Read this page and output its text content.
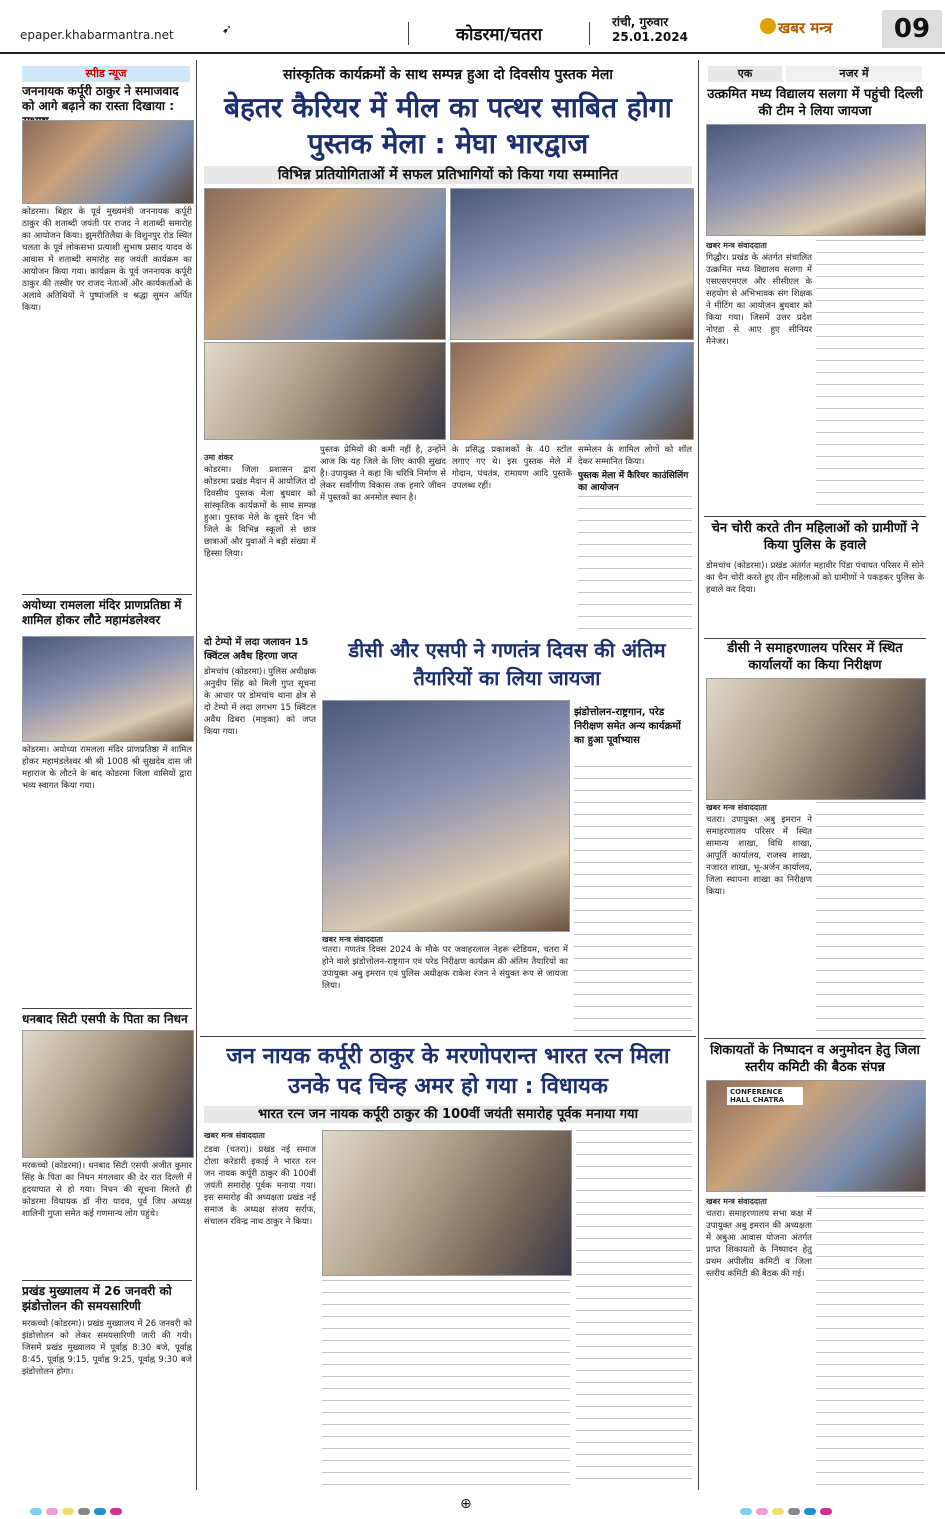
epaper.khabarmantra.net	➹	कोडरमा/चतरा
रांची, गुरुवार
25.01.2024	खबर मन्त्र	09
स्पीड न्यूज
जननायक कर्पूरी ठाकुर ने समाजवाद को आगे बढ़ाने का रास्ता दिखाया :
कोडरमा। बिहार के पूर्व मुख्यमंत्री जननायक कर्पूरी ठाकुर की शताब्दी जयंती पर राजद ने शताब्दी समारोह का आयोजन किया। झुमरीतिलैया के विशुनपुर रोड स्थित चलता के पूर्व लोकसभा प्रत्याशी सुभाष प्रसाद यादव के आवास में शताब्दी समारोह सह जयंती कार्यक्रम का आयोजन किया गया। कार्यक्रम के पूर्व जननायक कर्पूरी ठाकुर की तस्वीर पर राजद नेताओं और कार्यकर्ताओं के अलावे अतिथियों ने पुष्पांजलि व श्रद्धा सुमन अर्पित किया।
अयोध्या रामलला मंदिर प्राणप्रतिष्ठा में शामिल होकर लौटे महामंडलेश्वर
कोडरमा। अयोध्या रामलला मंदिर प्राणप्रतिष्ठा में शामिल होकर महामंडलेश्वर श्री श्री 1008 श्री सुखदेव दास जी महाराज के लौटने के बाद कोडरमा जिला वासियों द्वारा भव्य स्वागत किया गया।
धनबाद सिटी एसपी के पिता का निधन
मरकच्चो (कोडरमा)। धनबाद सिटी एसपी अजीत कुमार सिंह के पिता का निधन मंगलवार की देर रात दिल्ली में हृदयाघात से हो गया। निधन की सूचना मिलते ही कोडरमा विधायक डॉ नीरा यादव, पूर्व जिप अध्यक्ष शालिनी गुप्ता समेत कई गणमान्य लोग पहुंचे।
प्रखंड मुख्यालय में 26 जनवरी को झंडोत्तोलन की समयसारिणी
मरकच्चो (कोडरमा)। प्रखंड मुख्यालय में 26 जनवरी को झंडोत्तोलन को लेकर समयसारिणी जारी की गयी। जिसमें प्रखंड मुख्यालय में पूर्वाह्न 8:30 बजे, पूर्वाह्न 8:45, पूर्वाह्न 9:15, पूर्वाह्न 9:25, पूर्वाह्न 9:30 बजे झंडोत्तोलन होगा।
सांस्कृतिक कार्यक्रमों के साथ सम्पन्न हुआ दो दिवसीय पुस्तक मेला
बेहतर कैरियर में मील का पत्थर साबित होगा पुस्तक मेला : मेघा भारद्वाज
विभिन्न प्रतियोगिताओं में सफल प्रतिभागियों को किया गया सम्मानित
उमा शंकर
कोडरमा। जिला प्रशासन द्वारा कोडरमा प्रखंड मैदान में आयोजित दो दिवसीय पुस्तक मेला बुधवार को सांस्कृतिक कार्यक्रमों के साथ सम्पन्न हुआ। पुस्तक मेले के दूसरे दिन भी जिले के विभिन्न स्कूलों से छात्र छात्राओं और युवाओं ने बड़ी संख्या में हिस्सा लिया।
पुस्तक प्रेमियों की कमी नहीं है, उन्होंने आज कि यह जिले के लिए काफी सुखद है। उपायुक्त ने कहा कि चरित्रि निर्माण से लेकर सर्वांगीण विकास तक हमारे जीवन में पुस्तकों का अनमोल स्थान है।
के प्रसिद्ध प्रकाशकों के 40 स्टॉल लगाए गए थे। इस पुस्तक मेले में गोदान, पंचतंत्र, रामायण आदि पुस्तकें उपलब्ध रहीं।
सम्मेलन के शामिल लोगों को शॉल देकर सम्मानित किया।
पुस्तक मेला में कैरियर काउंसिलिंग का आयोजन
दो टेम्पो में लदा जलावन 15 क्विंटल अवैध हिरणा जप्त
डोमचांच (कोडरमा)। पुलिस अधीक्षक अनुदीप सिंह को मिली गुप्त सूचना के आधार पर डोमचांच थाना क्षेत्र से दो टेम्पो में लदा लगभग 15 क्विंटल अवैध ढिबरा (माइका) को जप्त किया गया।
डीसी और एसपी ने गणतंत्र दिवस की अंतिम तैयारियों का लिया जायजा
झंडोत्तोलन-राष्ट्रगान, परेड निरीक्षण समेत अन्य कार्यक्रमों का हुआ पूर्वाभ्यास
खबर मन्त्र संवाददाता
चतरा। गणतंत्र दिवस 2024 के मौके पर जवाहरलाल नेहरू स्टेडियम, चतरा में होने वाले झंडोत्तोलन-राष्ट्रगान एवं परेड निरीक्षण कार्यक्रम की अंतिम तैयारियों का उपायुक्त अबु इमरान एवं पुलिस अधीक्षक राकेश रंजन ने संयुक्त रूप से जायजा लिया।
जन नायक कर्पूरी ठाकुर के मरणोपरान्त भारत रत्न मिला उनके पद चिन्ह अमर हो गया : विधायक
भारत रत्न जन नायक कर्पूरी ठाकुर की 100वीं जयंती समारोह पूर्वक मनाया गया
खबर मन्त्र संवाददाता
टंडवा (चतरा)। प्रखंड नई समाज टोला करेडारी इकाई ने भारत रत्न जन नायक कर्पूरी ठाकुर की 100वीं जयंती समारोह पूर्वक मनाया गया। इस समारोह की अध्यक्षता प्रखंड नई समाज के अध्यक्ष संजय सर्राफ, संचालन रविन्द्र नाथ ठाकुर ने किया।
एक	नजर में
उत्क्रमित मध्य विद्यालय सलगा में पहुंची दिल्ली की टीम ने लिया जायजा
खबर मन्त्र संवाददाता
गिद्धौर। प्रखंड के अंतर्गत संचालित उत्क्रमित मध्य विद्यालय सलगा में एसएसएमएल और सीसीएल के सहयोग से अभिभावक संग शिक्षक ने मीटिंग का आयोजन बुधवार को किया गया। जिसमें उत्तर प्रदेश नोएडा से आए हुए सीनियर मैनेजर।
चेन चोरी करते तीन महिलाओं को ग्रामीणों ने किया पुलिस के हवाले
डोमचांच (कोडरमा)। प्रखंड अंतर्गत महावीर पिंडा पंचायत परिसर में सोने का चैन चोरी करते हुए तीन महिलाओं को ग्रामीणों ने पकड़कर पुलिस के हवाले कर दिया।
डीसी ने समाहरणालय परिसर में स्थित कार्यालयों का किया निरीक्षण
खबर मन्त्र संवाददाता
चतरा। उपायुक्त अबु इमरान ने समाहरणालय परिसर में स्थित सामान्य शाखा, विधि शाखा, आपूर्ति कार्यालय, राजस्व शाखा, नजारत शाखा, भू-अर्जन कार्यालय, जिला स्थापना शाखा का निरीक्षण किया।
शिकायतों के निष्पादन व अनुमोदन हेतु जिला स्तरीय कमिटी की बैठक संपन्न
CONFERENCE HALL CHATRA
खबर मन्त्र संवाददाता
चतरा। समाहरणालय सभा कक्ष में उपायुक्त अबु इमरान की अध्यक्षता में अबुआ आवास योजना अंतर्गत प्राप्त शिकायतों के निष्पादन हेतु प्रथम अपीलीय कमिटी व जिला स्तरीय कमिटी की बैठक की गई।
⊕
